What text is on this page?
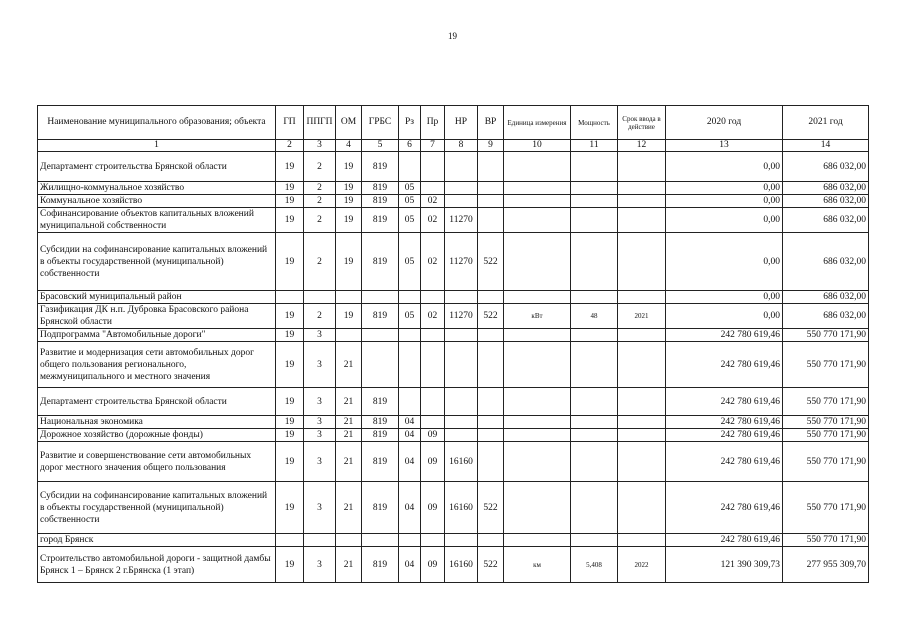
19
Наименование муниципального образования; объекта	ГП	ППГП	ОМ	ГРБС	Рз	Пр	НР	ВР	Единица измерения	Мощность	Срок ввода в действие	2020 год	2021 год
1	2	3	4	5	6	7	8	9	10	11	12	13	14
Департамент строительства Брянской области	19	2	19	819								0,00	686 032,00
Жилищно-коммунальное хозяйство	19	2	19	819	05							0,00	686 032,00
Коммунальное хозяйство	19	2	19	819	05	02						0,00	686 032,00
Софинансирование объектов капитальных вложений муниципальной собственности	19	2	19	819	05	02	11270					0,00	686 032,00
Субсидии на софинансирование капитальных вложений в объекты государственной (муниципальной) собственности	19	2	19	819	05	02	11270	522				0,00	686 032,00
Брасовский муниципальный район												0,00	686 032,00
Газификация ДК н.п. Дубровка Брасовского района Брянской области	19	2	19	819	05	02	11270	522	кВт	48	2021	0,00	686 032,00
Подпрограмма "Автомобильные дороги"	19	3										242 780 619,46	550 770 171,90
Развитие и модернизация сети автомобильных дорог общего пользования регионального, межмуниципального и местного значения	19	3	21									242 780 619,46	550 770 171,90
Департамент строительства Брянской области	19	3	21	819								242 780 619,46	550 770 171,90
Национальная экономика	19	3	21	819	04							242 780 619,46	550 770 171,90
Дорожное хозяйство (дорожные фонды)	19	3	21	819	04	09						242 780 619,46	550 770 171,90
Развитие и совершенствование сети автомобильных дорог местного значения общего пользования	19	3	21	819	04	09	16160					242 780 619,46	550 770 171,90
Субсидии на софинансирование капитальных вложений в объекты государственной (муниципальной) собственности	19	3	21	819	04	09	16160	522				242 780 619,46	550 770 171,90
город Брянск												242 780 619,46	550 770 171,90
Строительство автомобильной дороги - защитной дамбы Брянск 1 – Брянск 2 г.Брянска (1 этап)	19	3	21	819	04	09	16160	522	км	5,408	2022	121 390 309,73	277 955 309,70
